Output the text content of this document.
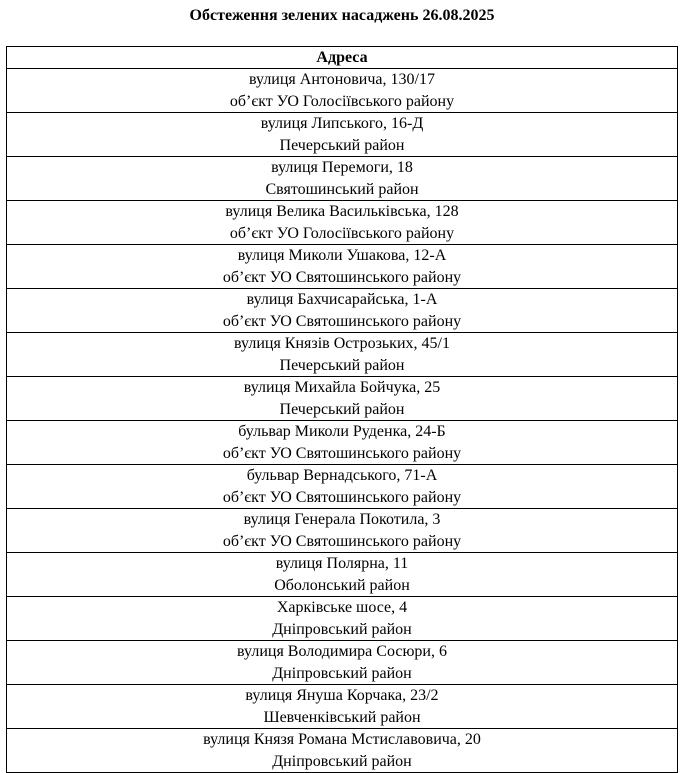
Обстеження зелених насаджень 26.08.2025
Адреса

вулиця Антоновича, 130/17
об’єкт УО Голосіївського району

вулиця Липського, 16-Д
Печерський район

вулиця Перемоги, 18
Святошинський район

вулиця Велика Васильківська, 128
об’єкт УО Голосіївського району

вулиця Миколи Ушакова, 12-А
об’єкт УО Святошинського району

вулиця Бахчисарайська, 1-А
об’єкт УО Святошинського району

вулиця Князів Острозьких, 45/1
Печерський район

вулиця Михайла Бойчука, 25
Печерський район

бульвар Миколи Руденка, 24-Б
об’єкт УО Святошинського району

бульвар Вернадського, 71-А
об’єкт УО Святошинського району

вулиця Генерала Покотила, 3
об’єкт УО Святошинського району

вулиця Полярна, 11
Оболонський район

Харківське шосе, 4
Дніпровський район

вулиця Володимира Сосюри, 6
Дніпровський район

вулиця Януша Корчака, 23/2
Шевченківський район

вулиця Князя Романа Мстиславовича, 20
Дніпровський район
